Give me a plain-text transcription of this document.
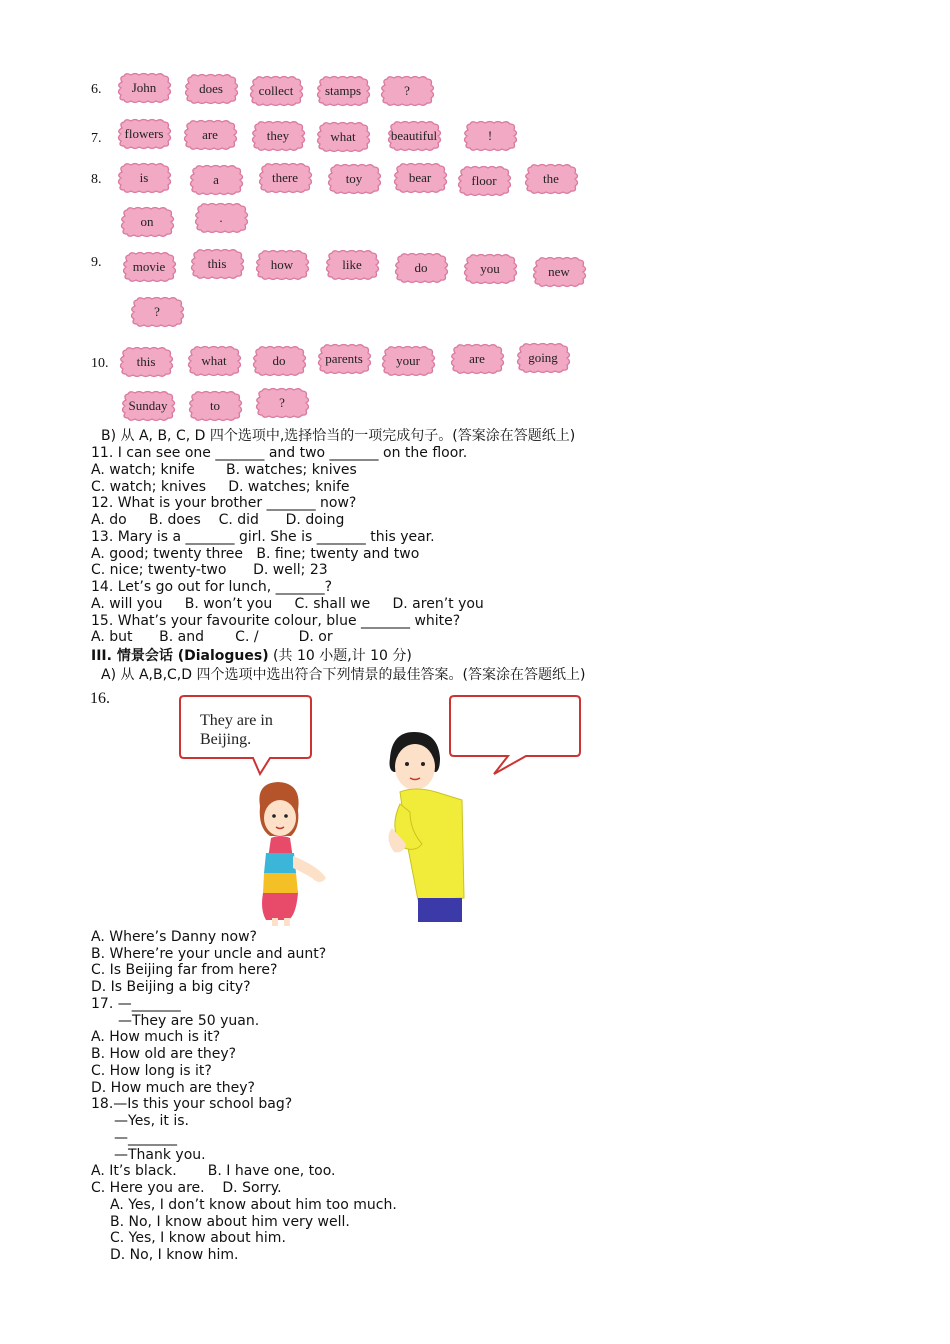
6.
7.
8.
9.
10.
John	does	collect	stamps	?
flowers	are	they	what	beautiful	!
is	a	there	toy	bear	floor	the
on	.
movie	this	how	like	do	you	new
?
this	what	do	parents	your	are	going
Sunday	to	?
B) 从 A, B, C, D 四个选项中,选择恰当的一项完成句子。(答案涂在答题纸上)
11. I can see one _______ and two _______ on the floor.
A. watch; knife       B. watches; knives
C. watch; knives     D. watches; knife
12. What is your brother _______ now?
A. do     B. does    C. did      D. doing
13. Mary is a _______ girl. She is _______ this year.
A. good; twenty three   B. fine; twenty and two
C. nice; twenty-two      D. well; 23
14. Let’s go out for lunch, _______?
A. will you     B. won’t you     C. shall we     D. aren’t you
15. What’s your favourite colour, blue _______ white?
A. but      B. and       C. /         D. or
III. 情景会话 (Dialogues) (共 10 小题,计 10 分)
A) 从 A,B,C,D 四个选项中选出符合下列情景的最佳答案。(答案涂在答题纸上)
16.
They are in
Beijing.
A. Where’s Danny now?
B. Where’re your uncle and aunt?
C. Is Beijing far from here?
D. Is Beijing a big city?
17. —_______
—They are 50 yuan.
A. How much is it?
B. How old are they?
C. How long is it?
D. How much are they?
18.—Is this your school bag?
—Yes, it is.
—_______
—Thank you.
A. It’s black.       B. I have one, too.
C. Here you are.    D. Sorry.
A. Yes, I don’t know about him too much.
B. No, I know about him very well.
C. Yes, I know about him.
D. No, I know him.
